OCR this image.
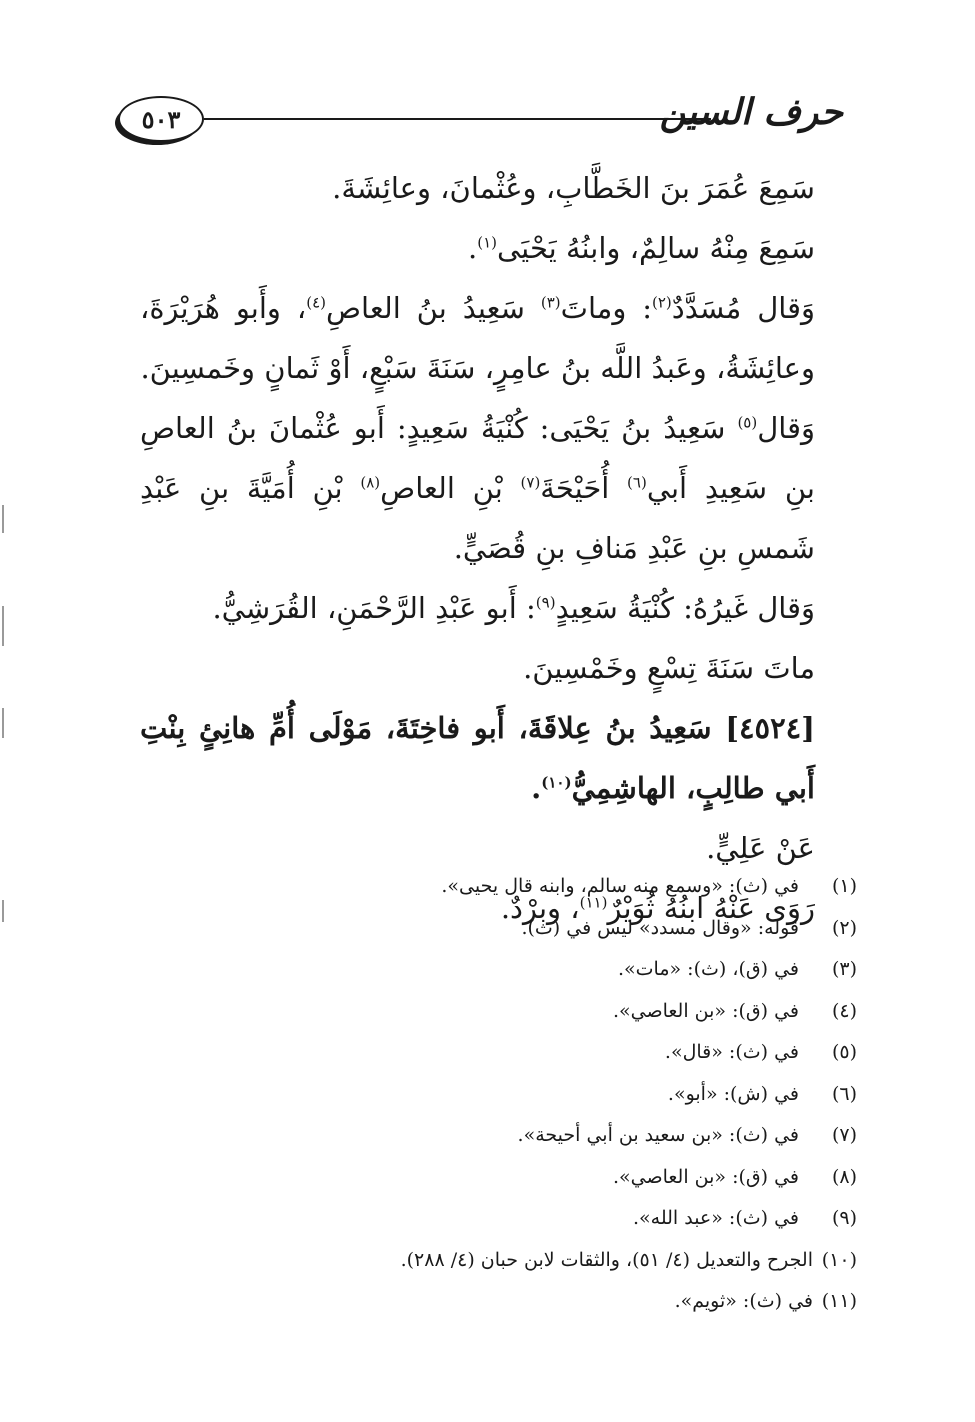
حرف السين
٥٠٣

سَمِعَ عُمَرَ بنَ الخَطَّابِ، وعُثْمانَ، وعائِشَةَ.

سَمِعَ مِنْهُ سالِمٌ، وابنُهُ يَحْيَى$^{(١)}$.

وَقال مُسَدَّدٌ$^{(٢)}$: وماتَ$^{(٣)}$ سَعِيدُ بنُ العاصِ$^{(٤)}$، وأَبو هُرَيْرَةَ، وعائِشَةُ، وعَبدُ اللَّه بنُ عامِرٍ، سَنَةَ سَبْعٍ، أَوْ ثَمانٍ وخَمسِينَ.

وَقال$^{(٥)}$ سَعِيدُ بنُ يَحْيَى: كُنْيَةُ سَعِيدٍ: أَبو عُثْمانَ بنُ العاصِ بنِ سَعِيدِ أَبي$^{(٦)}$ أُحَيْحَةَ$^{(٧)}$ بْنِ العاصِ$^{(٨)}$ بْنِ أُمَيَّةَ بنِ عَبْدِ شَمسِ بنِ عَبْدِ مَنافِ بنِ قُصَيٍّ.

وَقال غَيرُهُ: كُنْيَةُ سَعِيدٍ$^{(٩)}$: أَبو عَبْدِ الرَّحْمَنِ، القُرَشِيُّ.

ماتَ سَنَةَ تِسْعٍ وخَمْسِينَ.

[٤٥٢٤] سَعِيدُ بنُ عِلاقَةَ، أَبو فاخِتَةَ، مَوْلَى أُمِّ هانِئٍ بِنْتِ أَبي طالِبٍ، الهاشِمِيُّ$^{(١٠)}$.

عَنْ عَلِيٍّ.

رَوَى عَنْهُ ابنُهُ ثُوَيْرٌ$^{(١١)}$، وبرْدٌ.

(١)في (ث): «وسمع منه سالم، وابنه قال يحيى».
(٢)قوله: «وقال مسدد» ليس في (ث).
(٣)في (ق)، (ث): «مات».
(٤)في (ق): «بن العاصي».
(٥)في (ث): «قال».
(٦)في (ش): «أبو».
(٧)في (ث): «بن سعيد بن أبي أحيحة».
(٨)في (ق): «بن العاصي».
(٩)في (ث): «عبد الله».
(١٠)الجرح والتعديل (٤/ ٥١)، والثقات لابن حبان (٤/ ٢٨٨).
(١١)في (ث): «ثويم».
